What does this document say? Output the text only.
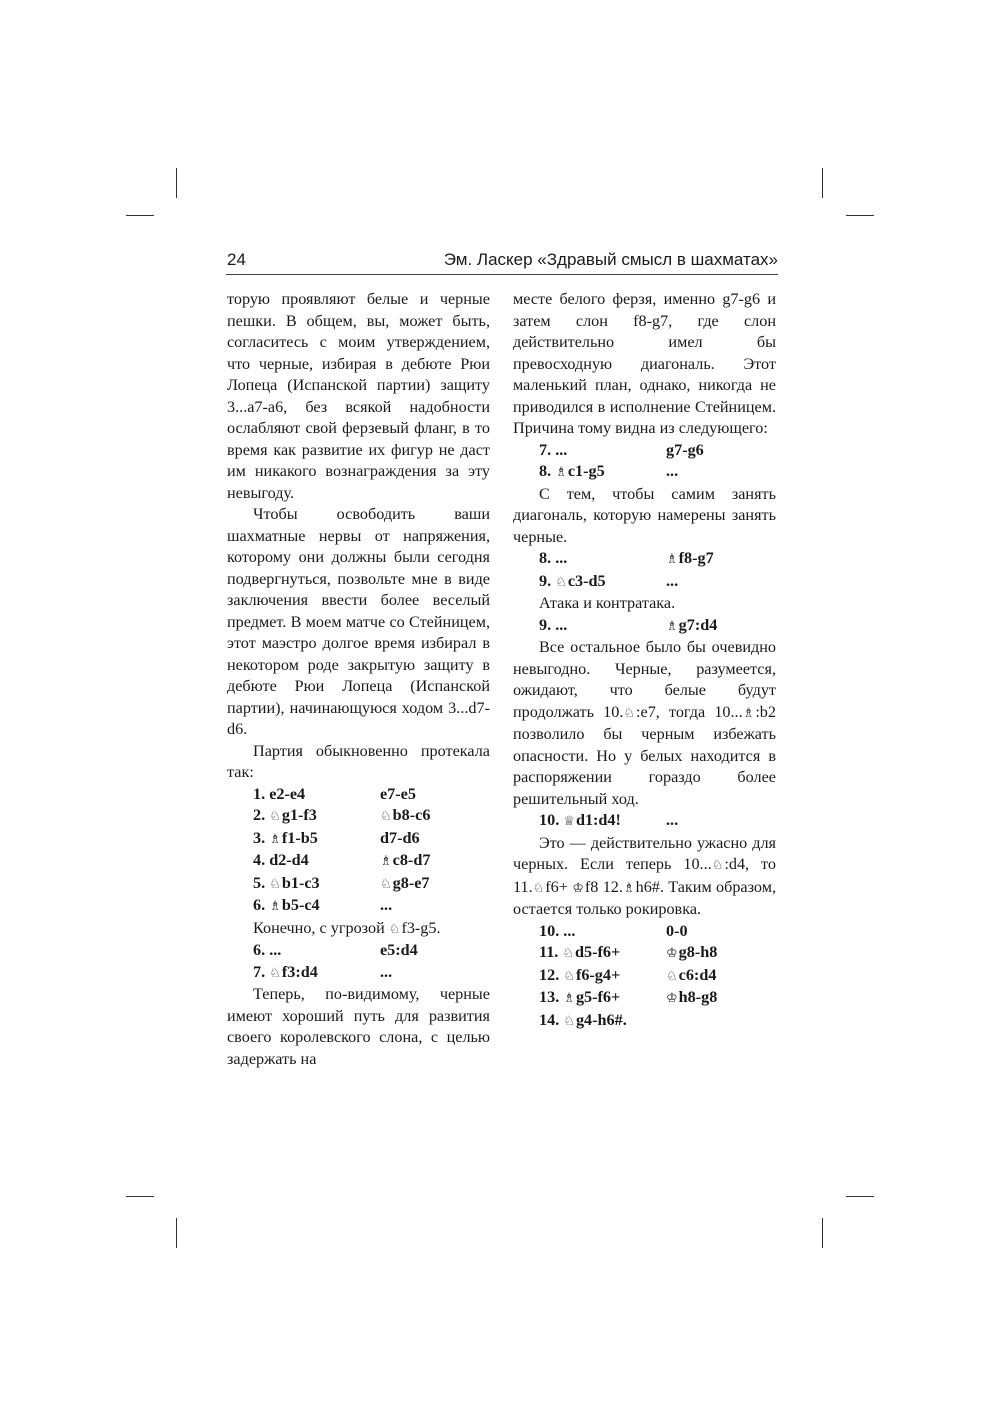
24	Эм. Ласкер «Здравый смысл в шахматах»

торую проявляют белые и черные пешки. В общем, вы, может быть, согласитесь с моим утверждением, что черные, избирая в дебюте Рюи Лопеца (Испанской партии) защиту 3...a7-a6, без всякой надобности ослабляют свой ферзевый фланг, в то время как развитие их фигур не даст им никакого вознаграждения за эту невыгоду.

Чтобы освободить ваши шахматные нервы от напряжения, которому они должны были сегодня подвергнуться, позвольте мне в виде заключения ввести более веселый предмет. В моем матче со Стейницем, этот маэстро долгое время избирал в некотором роде закрытую защиту в дебюте Рюи Лопеца (Испанской партии), начинающуюся ходом 3...d7-d6.

Партия обыкновенно протекала так:

1. e2-e4	e7-e5
2. ♘g1-f3	♘b8-c6
3. ♗f1-b5	d7-d6
4. d2-d4	♗c8-d7
5. ♘b1-c3	♘g8-e7
6. ♗b5-c4	...

Конечно, с угрозой ♘f3-g5.

6. ...	e5:d4
7. ♘f3:d4	...

Теперь, по-видимому, черные имеют хороший путь для развития своего королевского слона, с целью задержать на

месте белого ферзя, именно g7-g6 и затем слон f8-g7, где слон действительно имел бы превосходную диагональ. Этот маленький план, однако, никогда не приводился в исполнение Стейницем. Причина тому видна из следующего:

7. ...	g7-g6
8. ♗c1-g5	...

С тем, чтобы самим занять диагональ, которую намерены занять черные.

8. ...	♗f8-g7
9. ♘c3-d5	...

Атака и контратака.

9. ...	♗g7:d4

Все остальное было бы очевидно невыгодно. Черные, разумеется, ожидают, что белые будут продолжать 10.♘:e7, тогда 10...♗:b2 позволило бы черным избежать опасности. Но у белых находится в распоряжении гораздо более решительный ход.

10. ♕d1:d4!	...

Это — действительно ужасно для черных. Если теперь 10...♘:d4, то 11.♘f6+ ♔f8 12.♗h6#. Таким образом, остается только рокировка.

10. ...	0-0
11. ♘d5-f6+	♔g8-h8
12. ♘f6-g4+	♘c6:d4
13. ♗g5-f6+	♔h8-g8
14. ♘g4-h6#.
